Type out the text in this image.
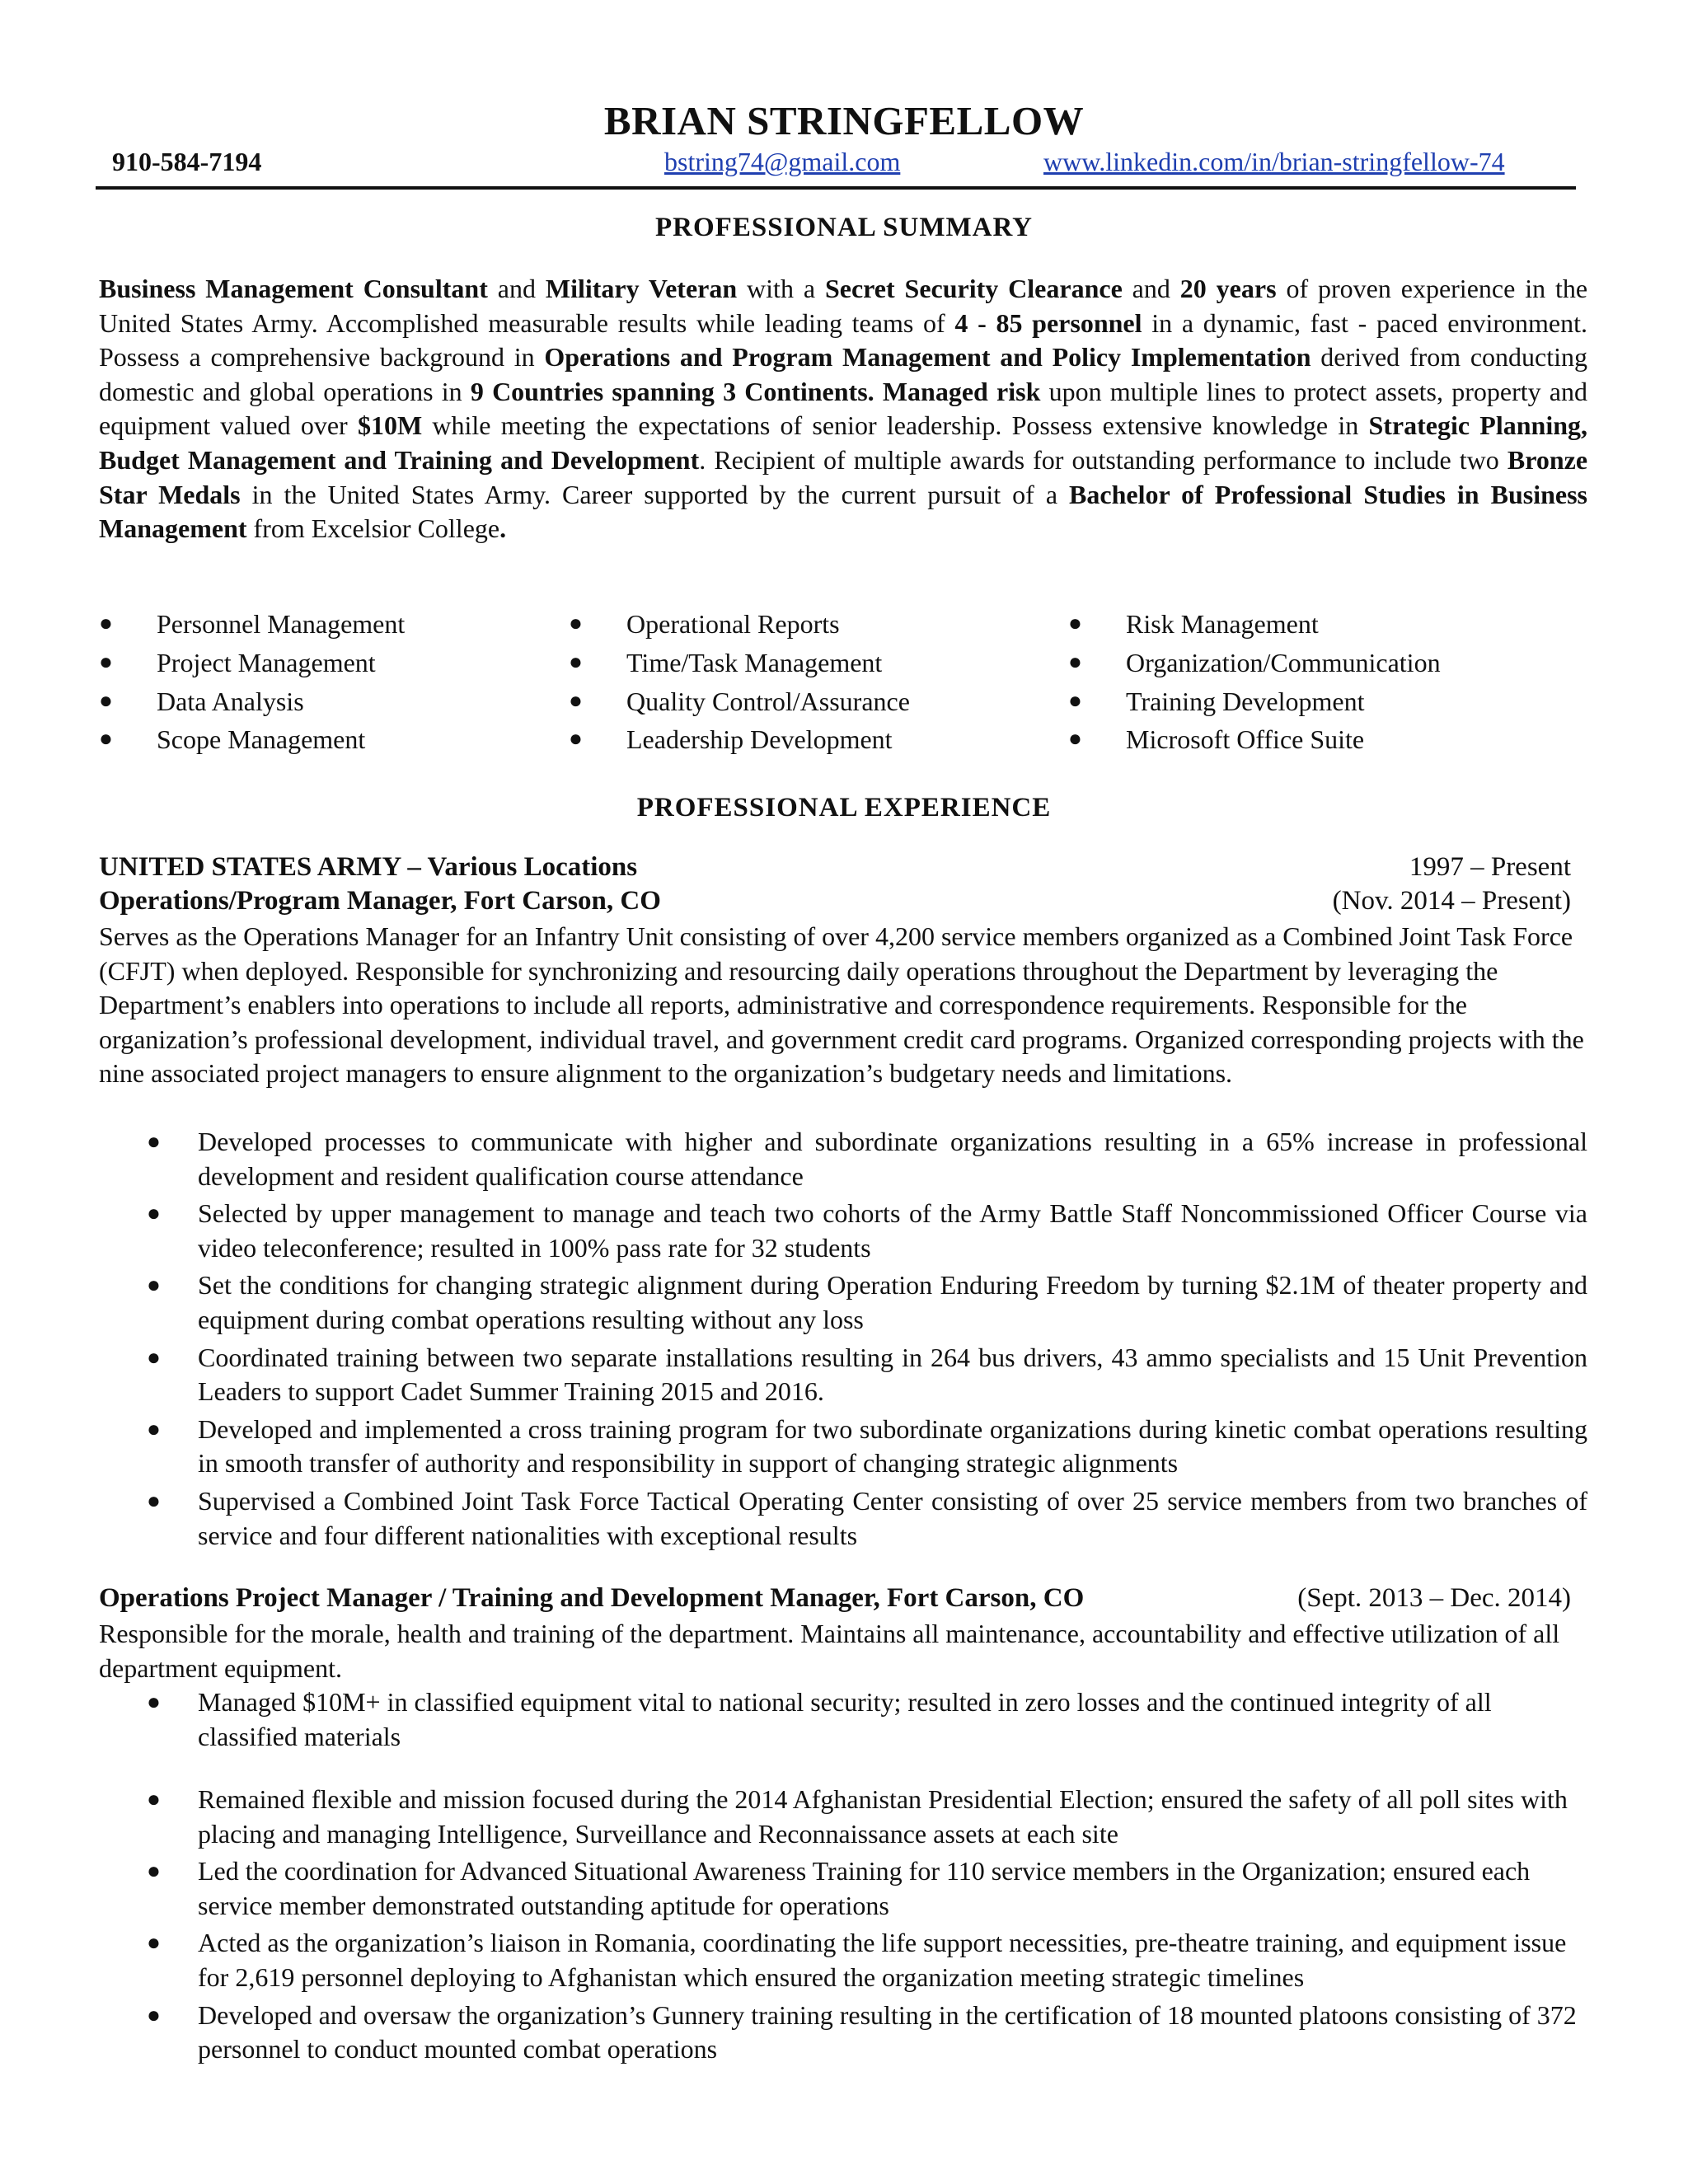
BRIAN STRINGFELLOW
910-584-7194	bstring74@gmail.com	www.linkedin.com/in/brian-stringfellow-74
PROFESSIONAL SUMMARY
Business Management Consultant and Military Veteran with a Secret Security Clearance and 20 years of proven experience in the United States Army. Accomplished measurable results while leading teams of 4 - 85 personnel in a dynamic, fast - paced environment. Possess a comprehensive background in Operations and Program Management and Policy Implementation derived from conducting domestic and global operations in 9 Countries spanning 3 Continents. Managed risk upon multiple lines to protect assets, property and equipment valued over $10M while meeting the expectations of senior leadership. Possess extensive knowledge in Strategic Planning, Budget Management and Training and Development. Recipient of multiple awards for outstanding performance to include two Bronze Star Medals in the United States Army. Career supported by the current pursuit of a Bachelor of Professional Studies in Business Management from Excelsior College.
● Personnel Management
● Project Management
● Data Analysis
● Scope Management
● Operational Reports
● Time/Task Management
● Quality Control/Assurance
● Leadership Development
● Risk Management
● Organization/Communication
● Training Development
● Microsoft Office Suite
PROFESSIONAL EXPERIENCE
UNITED STATES ARMY – Various Locations	1997 – Present
Operations/Program Manager, Fort Carson, CO	(Nov. 2014 – Present)
Serves as the Operations Manager for an Infantry Unit consisting of over 4,200 service members organized as a Combined Joint Task Force (CFJT) when deployed. Responsible for synchronizing and resourcing daily operations throughout the Department by leveraging the Department’s enablers into operations to include all reports, administrative and correspondence requirements. Responsible for the organization’s professional development, individual travel, and government credit card programs. Organized corresponding projects with the nine associated project managers to ensure alignment to the organization’s budgetary needs and limitations.
● Developed processes to communicate with higher and subordinate organizations resulting in a 65% increase in professional development and resident qualification course attendance
● Selected by upper management to manage and teach two cohorts of the Army Battle Staff Noncommissioned Officer Course via video teleconference; resulted in 100% pass rate for 32 students
● Set the conditions for changing strategic alignment during Operation Enduring Freedom by turning $2.1M of theater property and equipment during combat operations resulting without any loss
● Coordinated training between two separate installations resulting in 264 bus drivers, 43 ammo specialists and 15 Unit Prevention Leaders to support Cadet Summer Training 2015 and 2016.
● Developed and implemented a cross training program for two subordinate organizations during kinetic combat operations resulting in smooth transfer of authority and responsibility in support of changing strategic alignments
● Supervised a Combined Joint Task Force Tactical Operating Center consisting of over 25 service members from two branches of service and four different nationalities with exceptional results
Operations Project Manager / Training and Development Manager, Fort Carson, CO	(Sept. 2013 – Dec. 2014)
Responsible for the morale, health and training of the department. Maintains all maintenance, accountability and effective utilization of all department equipment.
● Managed $10M+ in classified equipment vital to national security; resulted in zero losses and the continued integrity of all classified materials
● Remained flexible and mission focused during the 2014 Afghanistan Presidential Election; ensured the safety of all poll sites with placing and managing Intelligence, Surveillance and Reconnaissance assets at each site
● Led the coordination for Advanced Situational Awareness Training for 110 service members in the Organization; ensured each service member demonstrated outstanding aptitude for operations
● Acted as the organization’s liaison in Romania, coordinating the life support necessities, pre-theatre training, and equipment issue for 2,619 personnel deploying to Afghanistan which ensured the organization meeting strategic timelines
● Developed and oversaw the organization’s Gunnery training resulting in the certification of 18 mounted platoons consisting of 372 personnel to conduct mounted combat operations
